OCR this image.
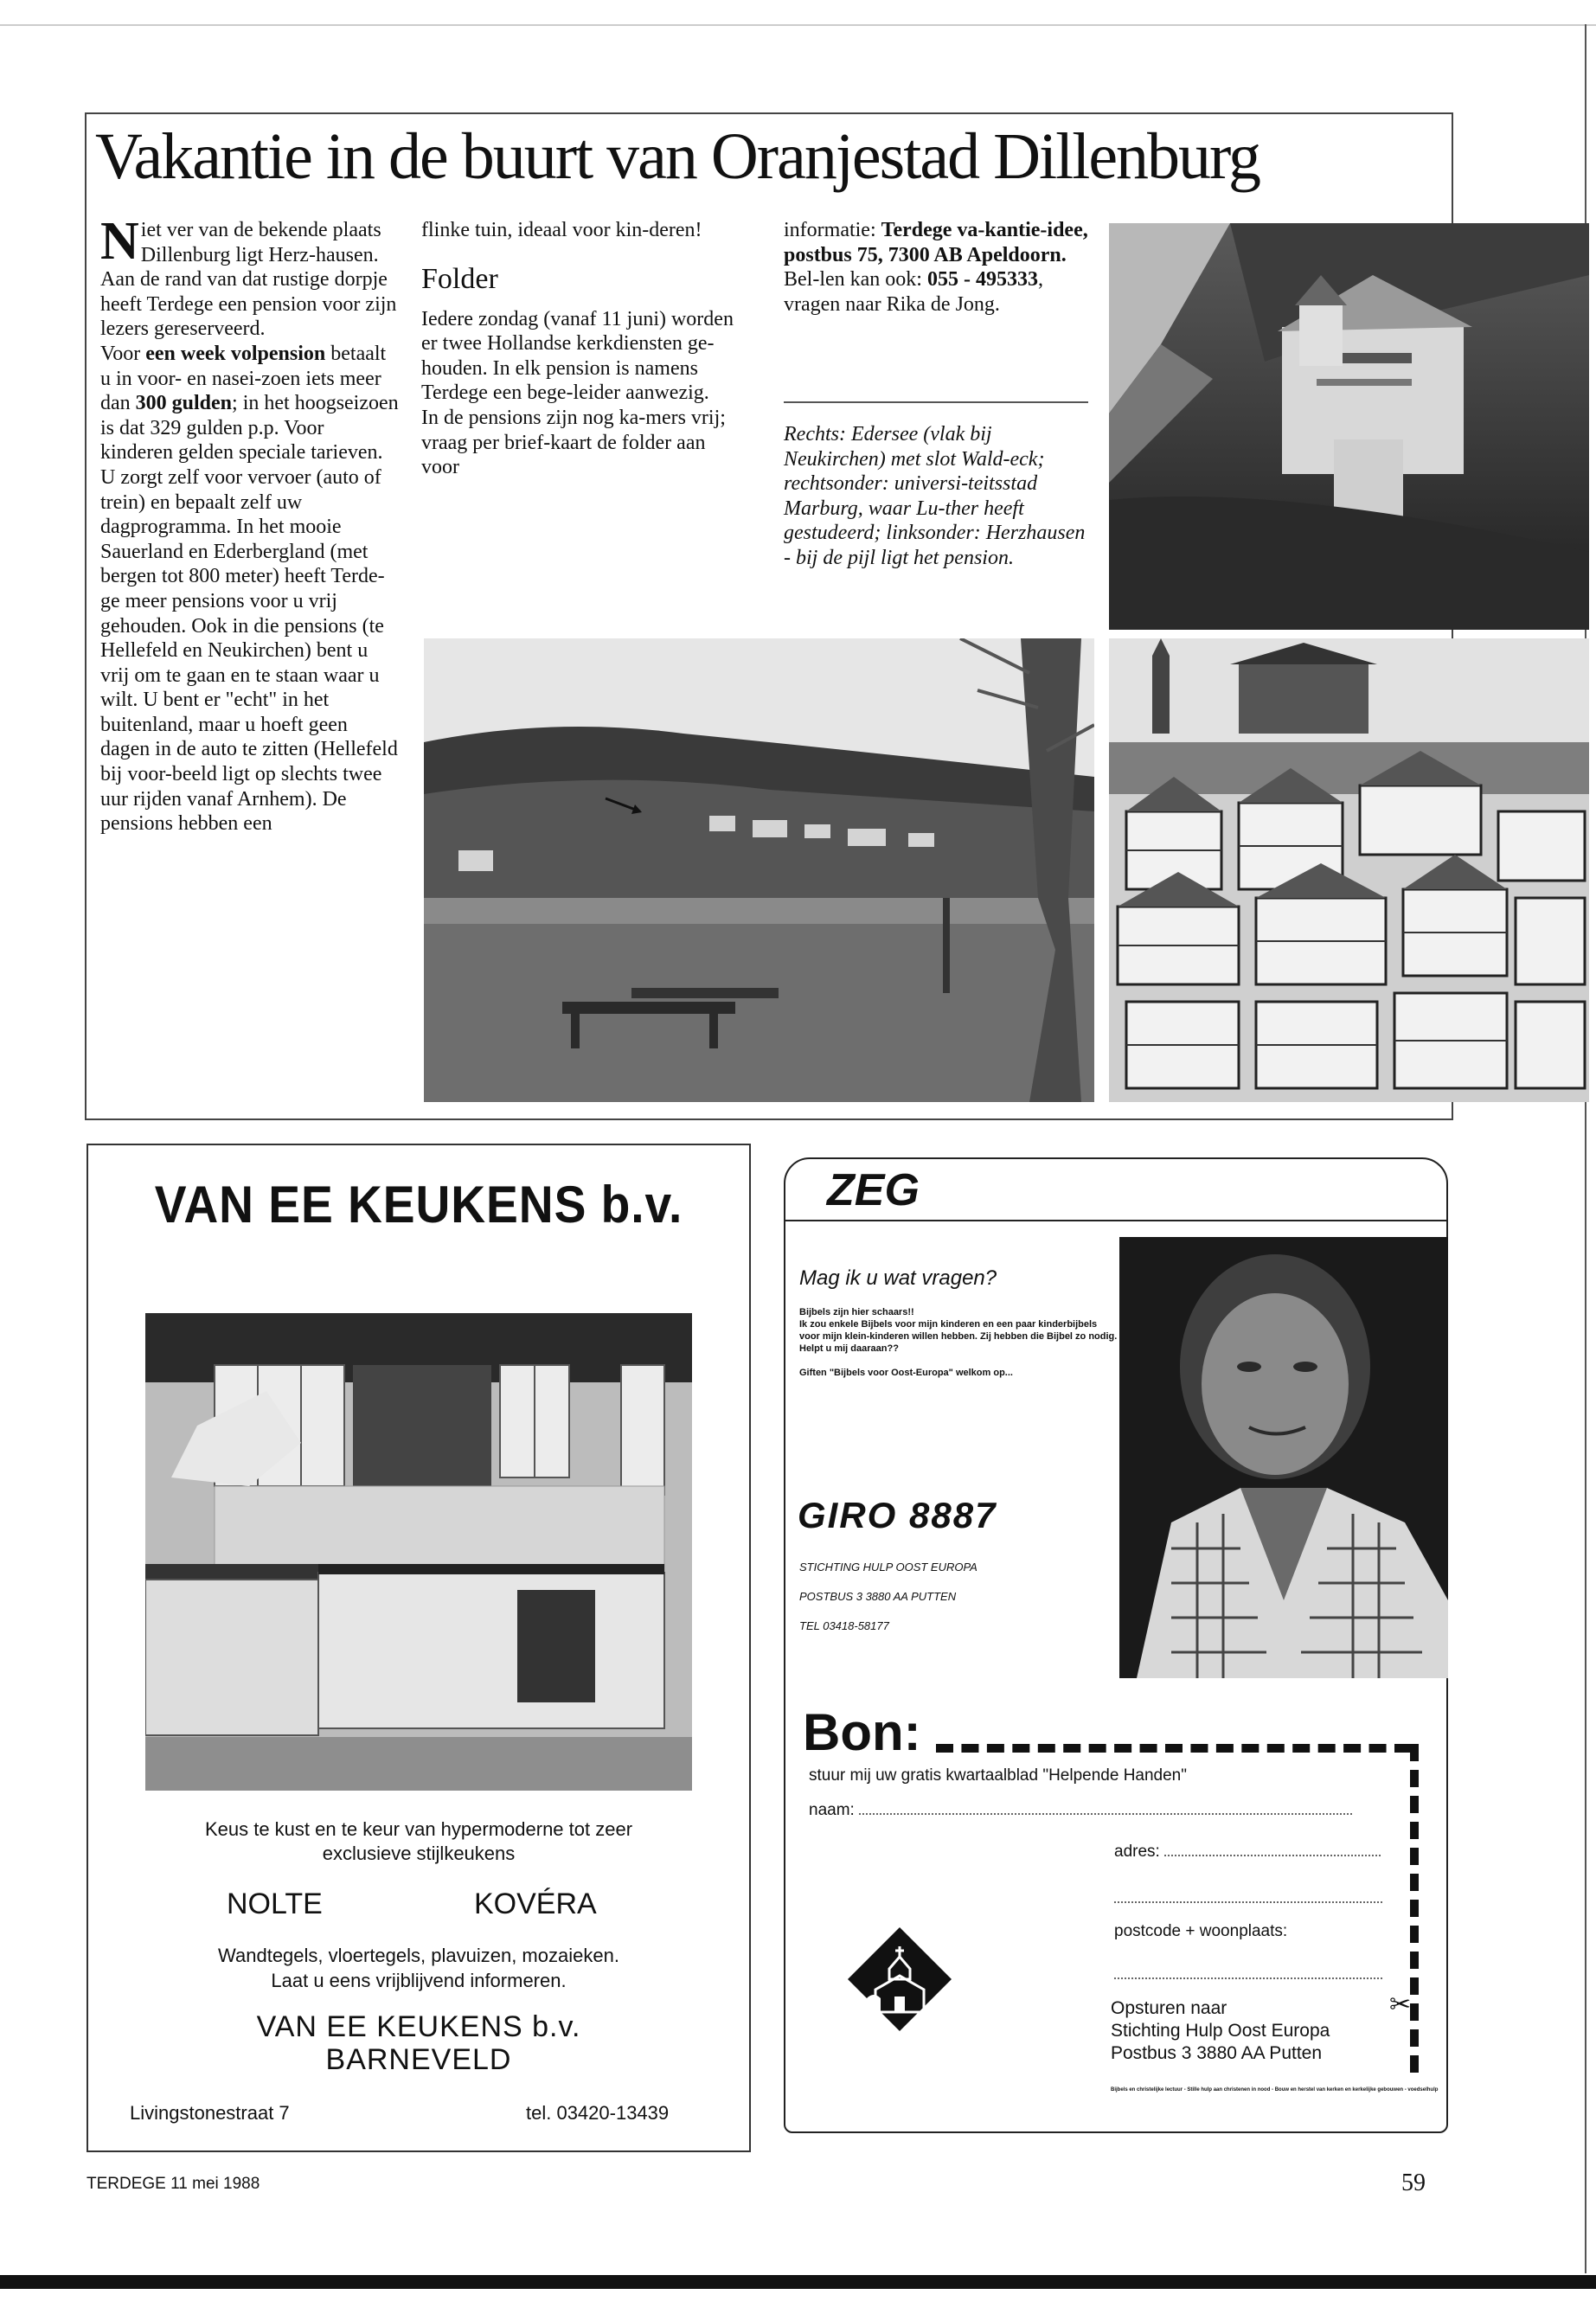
Vakantie in de buurt van Oranjestad Dillenburg

Niet ver van de bekende plaats Dillenburg ligt Herz-hausen. Aan de rand van dat rustige dorpje heeft Terdege een pension voor zijn lezers gereserveerd.

Voor een week volpension betaalt u in voor- en nasei-zoen iets meer dan 300 gulden; in het hoogseizoen is dat 329 gulden p.p. Voor kinderen gelden speciale tarieven.

U zorgt zelf voor vervoer (auto of trein) en bepaalt zelf uw dagprogramma. In het mooie Sauerland en Ederbergland (met bergen tot 800 meter) heeft Terde-ge meer pensions voor u vrij gehouden. Ook in die pensions (te Hellefeld en Neukirchen) bent u vrij om te gaan en te staan waar u wilt. U bent er "echt" in het buitenland, maar u hoeft geen dagen in de auto te zitten (Hellefeld bij voor-beeld ligt op slechts twee uur rijden vanaf Arnhem). De pensions hebben een

flinke tuin, ideaal voor kin-deren!

Folder

Iedere zondag (vanaf 11 juni) worden er twee Hollandse kerkdiensten ge-houden. In elk pension is namens Terdege een bege-leider aanwezig.

In de pensions zijn nog ka-mers vrij; vraag per brief-kaart de folder aan voor

informatie: Terdege va-kantie-idee, postbus 75, 7300 AB Apeldoorn. Bel-len kan ook: 055 - 495333, vragen naar Rika de Jong.

Rechts: Edersee (vlak bij Neukirchen) met slot Wald-eck; rechtsonder: universi-teitsstad Marburg, waar Lu-ther heeft gestudeerd; linksonder: Herzhausen - bij de pijl ligt het pension.
VAN EE KEUKENS b.v.
Keus te kust en te keur van hypermoderne tot zeer
exclusieve stijlkeukens
NOLTE	KOVÉRA
Wandtegels, vloertegels, plavuizen, mozaieken.
Laat u eens vrijblijvend informeren.
VAN EE KEUKENS b.v.
BARNEVELD
Livingstonestraat 7	tel. 03420-13439
ZEG
Mag ik u wat vragen?
Bijbels zijn hier schaars!!
Ik zou enkele Bijbels voor mijn kinderen en een paar kinderbijbels voor mijn klein-kinderen willen hebben. Zij hebben die Bijbel zo nodig.
Helpt u mij daaraan??
Giften "Bijbels voor Oost-Europa" welkom op...
GIRO 8887
STICHTING HULP OOST EUROPA
POSTBUS 3 3880 AA PUTTEN
TEL 03418-58177
Bon:
stuur mij uw gratis kwartaalblad "Helpende Handen"
naam:
adres:
postcode + woonplaats:
Opsturen naar
Stichting Hulp Oost Europa
Postbus 3 3880 AA Putten
✂
Bijbels en christelijke lectuur - Stille hulp aan christenen in nood - Bouw en herstel van kerken en kerkelijke gebouwen - voedselhulp
TERDEGE 11 mei 1988	59
